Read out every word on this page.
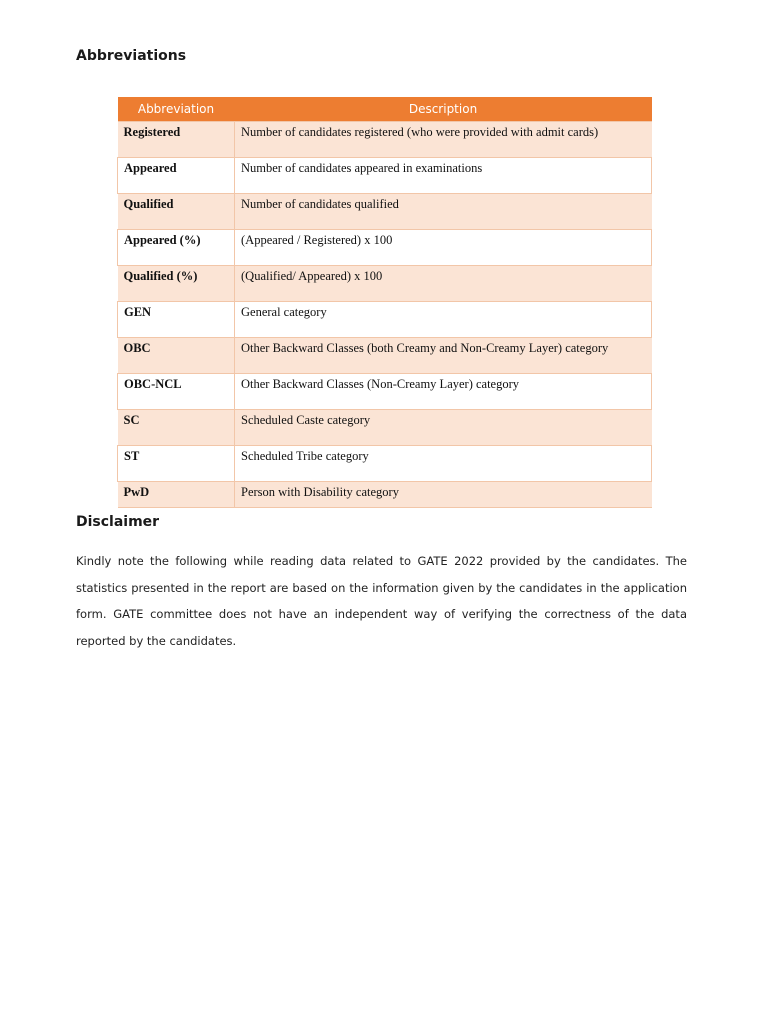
Abbreviations
Abbreviation	Description
Registered	Number of candidates registered (who were provided with admit cards)
Appeared	Number of candidates appeared in examinations
Qualified	Number of candidates qualified
Appeared (%)	(Appeared / Registered) x 100
Qualified (%)	(Qualified/ Appeared) x 100
GEN	General category
OBC	Other Backward Classes (both Creamy and Non-Creamy Layer) category
OBC-NCL	Other Backward Classes (Non-Creamy Layer) category
SC	Scheduled Caste category
ST	Scheduled Tribe category
PwD	Person with Disability category
Disclaimer

Kindly note the following while reading data related to GATE 2022 provided by the candidates. The statistics presented in the report are based on the information given by the candidates in the application form. GATE committee does not have an independent way of verifying the correctness of the data reported by the candidates.
